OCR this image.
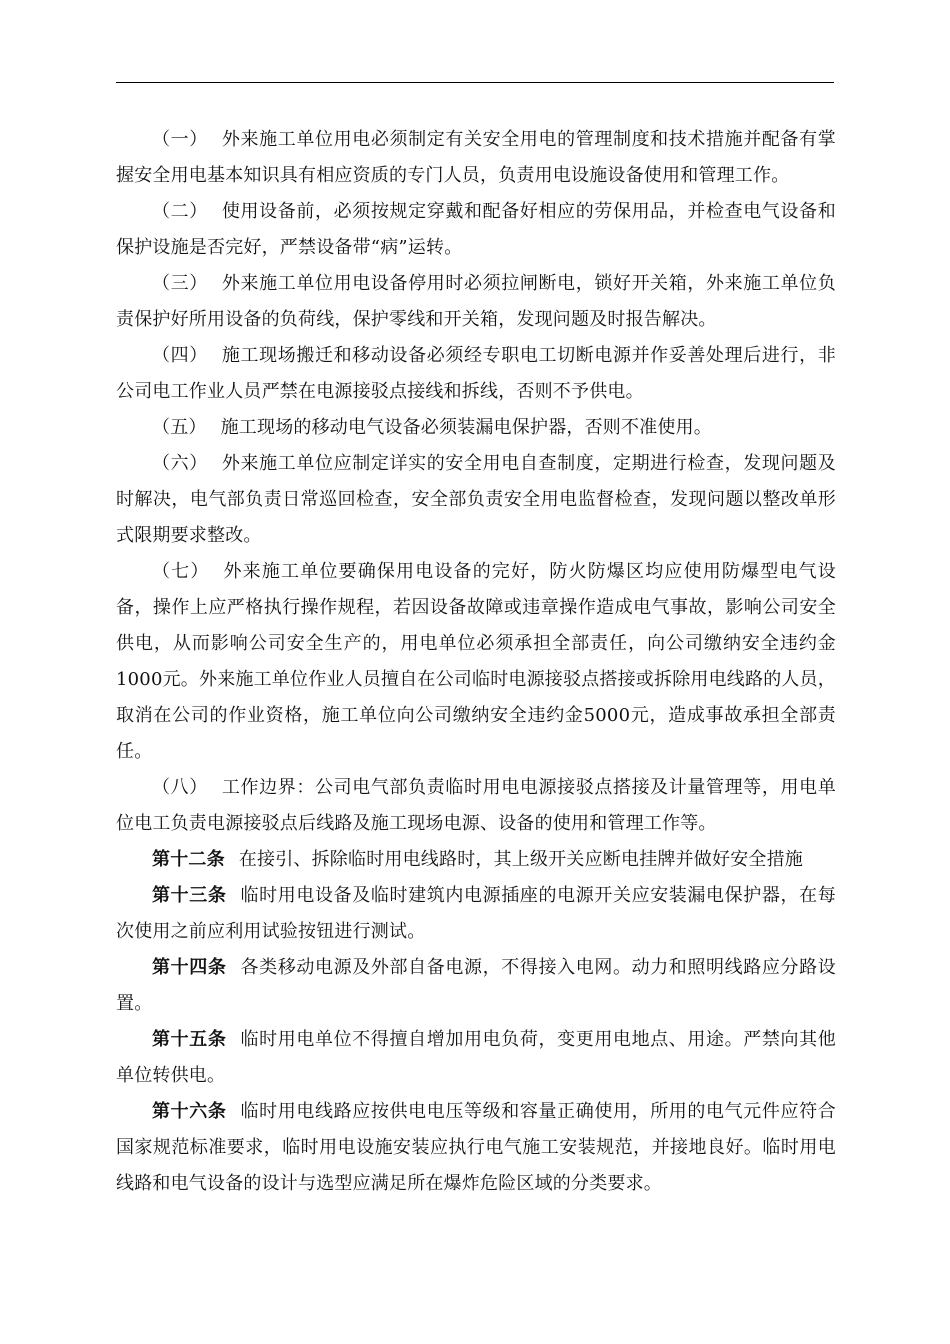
（一） 外来施工单位用电必须制定有关安全用电的管理制度和技术措施并配备有掌握安全用电基本知识具有相应资质的专门人员，负责用电设施设备使用和管理工作。

（二） 使用设备前，必须按规定穿戴和配备好相应的劳保用品，并检查电气设备和保护设施是否完好，严禁设备带“病”运转。

（三） 外来施工单位用电设备停用时必须拉闸断电，锁好开关箱，外来施工单位负责保护好所用设备的负荷线，保护零线和开关箱，发现问题及时报告解决。

（四） 施工现场搬迁和移动设备必须经专职电工切断电源并作妥善处理后进行，非公司电工作业人员严禁在电源接驳点接线和拆线，否则不予供电。

（五） 施工现场的移动电气设备必须装漏电保护器，否则不准使用。

（六） 外来施工单位应制定详实的安全用电自查制度，定期进行检查，发现问题及时解决，电气部负责日常巡回检查，安全部负责安全用电监督检查，发现问题以整改单形式限期要求整改。

（七） 外来施工单位要确保用电设备的完好，防火防爆区均应使用防爆型电气设备，操作上应严格执行操作规程，若因设备故障或违章操作造成电气事故，影响公司安全供电，从而影响公司安全生产的，用电单位必须承担全部责任，向公司缴纳安全违约金1000元。外来施工单位作业人员擅自在公司临时电源接驳点搭接或拆除用电线路的人员，取消在公司的作业资格，施工单位向公司缴纳安全违约金5000元，造成事故承担全部责任。

（八） 工作边界：公司电气部负责临时用电电源接驳点搭接及计量管理等，用电单位电工负责电源接驳点后线路及施工现场电源、设备的使用和管理工作等。

第十二条 在接引、拆除临时用电线路时，其上级开关应断电挂牌并做好安全措施

第十三条 临时用电设备及临时建筑内电源插座的电源开关应安装漏电保护器，在每次使用之前应利用试验按钮进行测试。

第十四条 各类移动电源及外部自备电源，不得接入电网。动力和照明线路应分路设置。

第十五条 临时用电单位不得擅自增加用电负荷，变更用电地点、用途。严禁向其他单位转供电。

第十六条 临时用电线路应按供电电压等级和容量正确使用，所用的电气元件应符合国家规范标准要求，临时用电设施安装应执行电气施工安装规范，并接地良好。临时用电线路和电气设备的设计与选型应满足所在爆炸危险区域的分类要求。
